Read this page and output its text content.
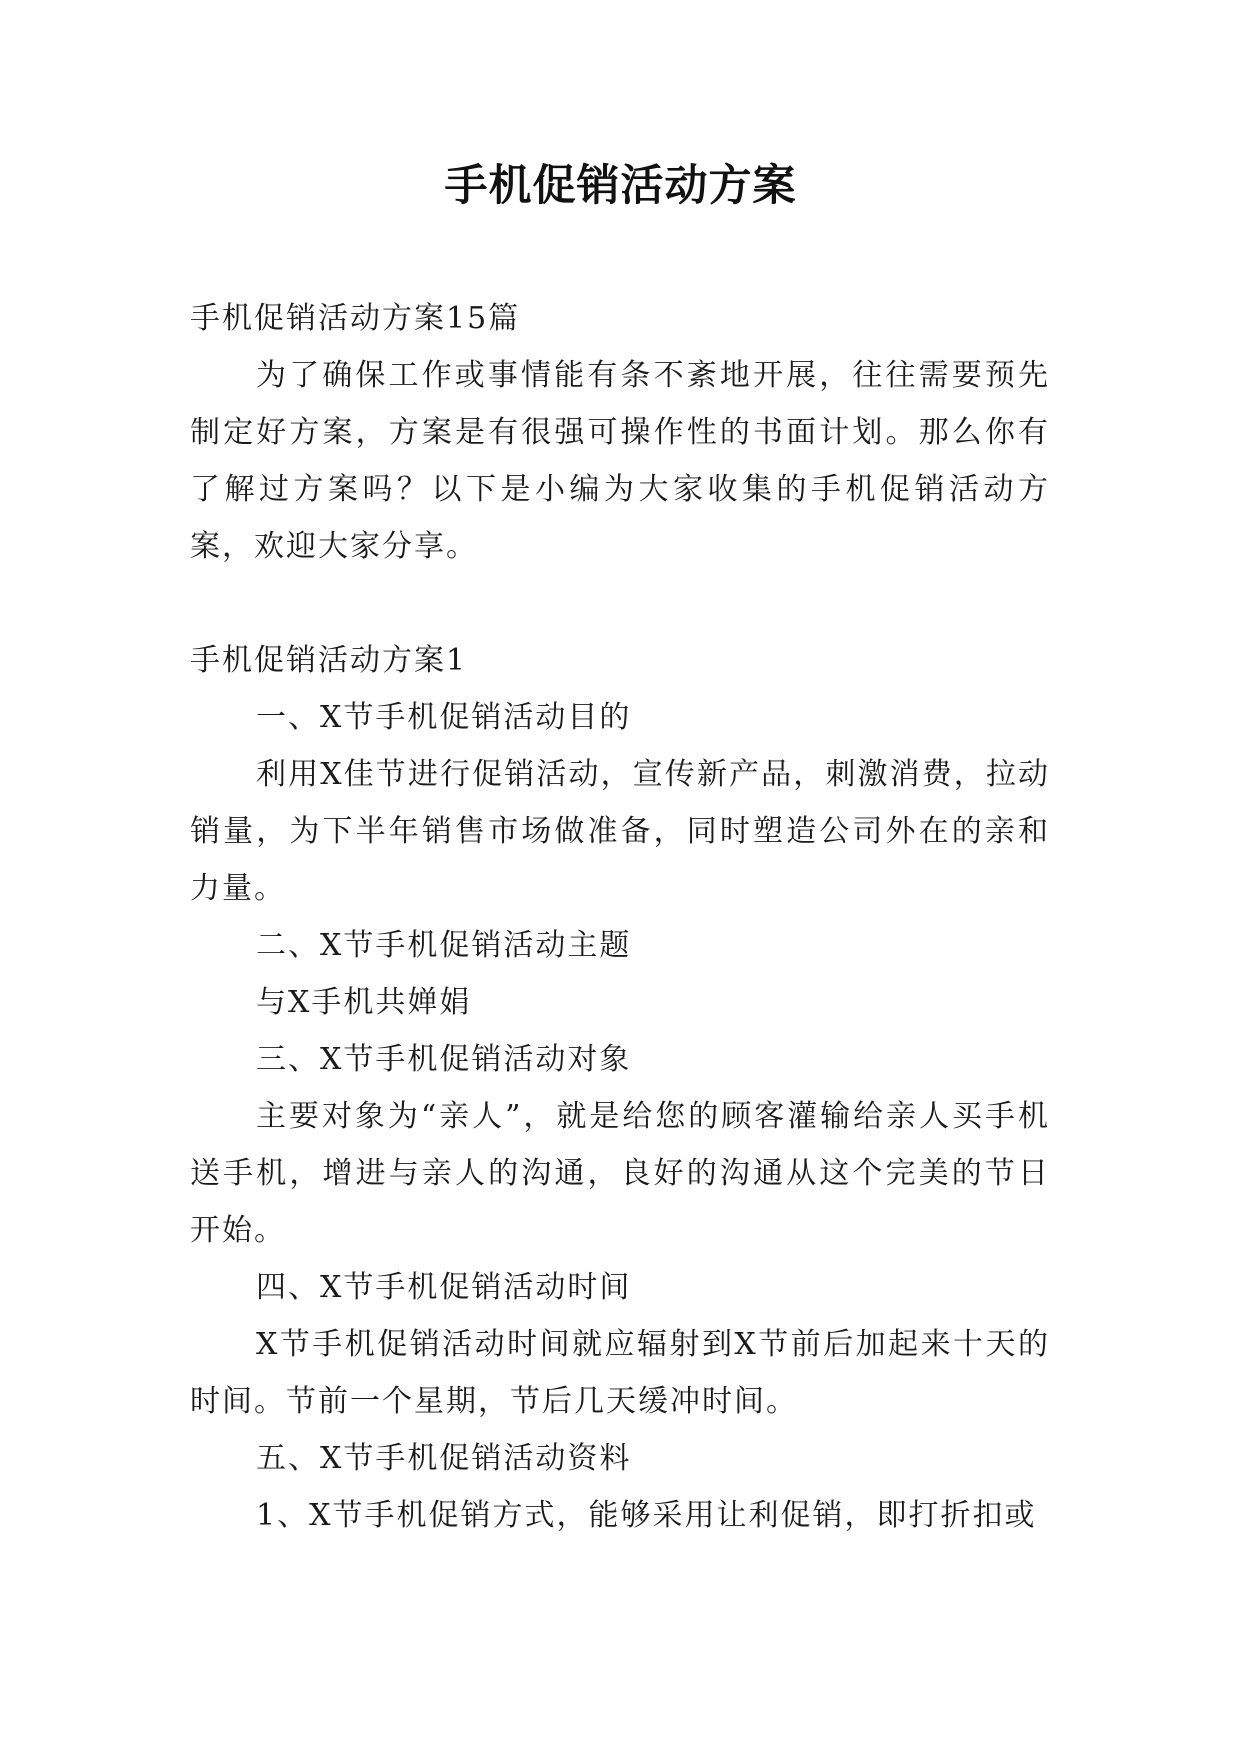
手机促销活动方案

手机促销活动方案15篇

为了确保工作或事情能有条不紊地开展，往往需要预先制定好方案，方案是有很强可操作性的书面计划。那么你有了解过方案吗？以下是小编为大家收集的手机促销活动方案，欢迎大家分享。

手机促销活动方案1

一、X节手机促销活动目的

利用X佳节进行促销活动，宣传新产品，刺激消费，拉动销量，为下半年销售市场做准备，同时塑造公司外在的亲和力量。

二、X节手机促销活动主题

与X手机共婵娟

三、X节手机促销活动对象

主要对象为“亲人”，就是给您的顾客灌输给亲人买手机送手机，增进与亲人的沟通，良好的沟通从这个完美的节日开始。

四、X节手机促销活动时间

X节手机促销活动时间就应辐射到X节前后加起来十天的时间。节前一个星期，节后几天缓冲时间。

五、X节手机促销活动资料

1、X节手机促销方式，能够采用让利促销，即打折扣或
